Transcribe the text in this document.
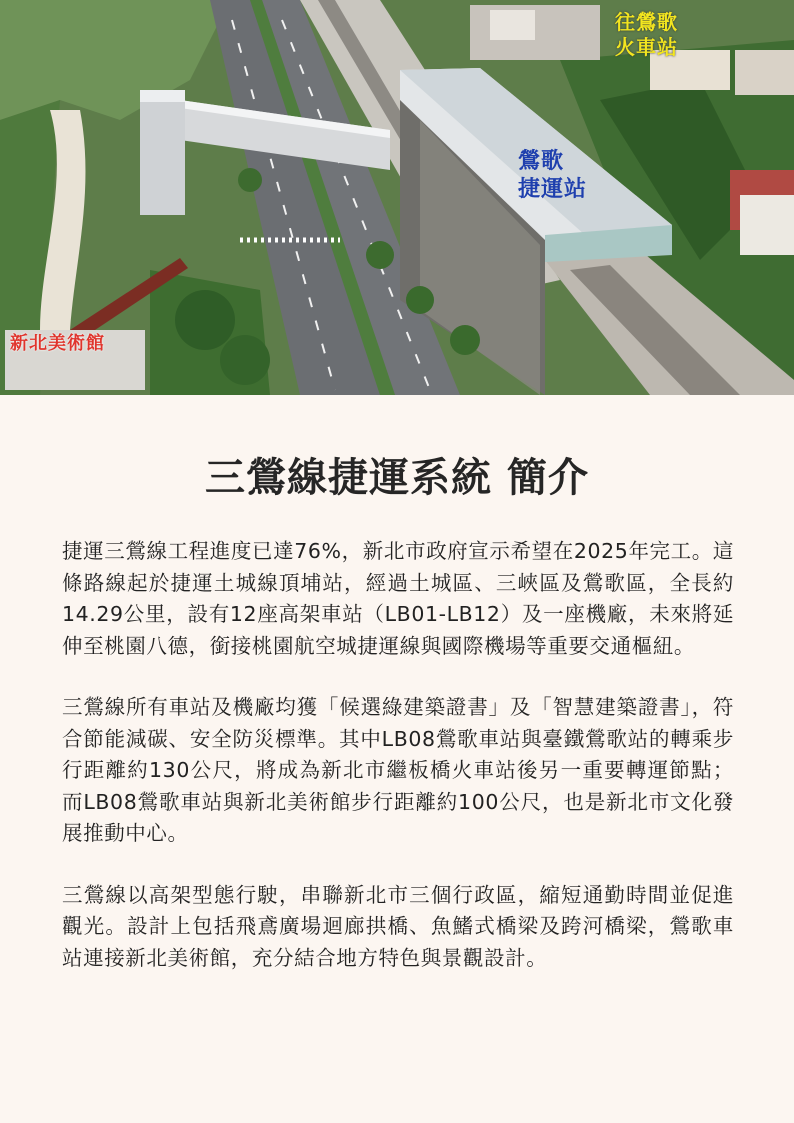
鶯歌
捷運站
往鶯歌
火車站
新北美術館
三鶯線捷運系統 簡介

捷運三鶯線工程進度已達76%，新北市政府宣示希望在2025年完工。這條路線起於捷運土城線頂埔站，經過土城區、三峽區及鶯歌區，全長約14.29公里，設有12座高架車站（LB01-LB12）及一座機廠，未來將延伸至桃園八德，銜接桃園航空城捷運線與國際機場等重要交通樞紐。

三鶯線所有車站及機廠均獲「候選綠建築證書」及「智慧建築證書」，符合節能減碳、安全防災標準。其中LB08鶯歌車站與臺鐵鶯歌站的轉乘步行距離約130公尺，將成為新北市繼板橋火車站後另一重要轉運節點；而LB08鶯歌車站與新北美術館步行距離約100公尺，也是新北市文化發展推動中心。

三鶯線以高架型態行駛，串聯新北市三個行政區，縮短通勤時間並促進觀光。設計上包括飛鳶廣場迴廊拱橋、魚鰭式橋梁及跨河橋梁，鶯歌車站連接新北美術館，充分結合地方特色與景觀設計。
